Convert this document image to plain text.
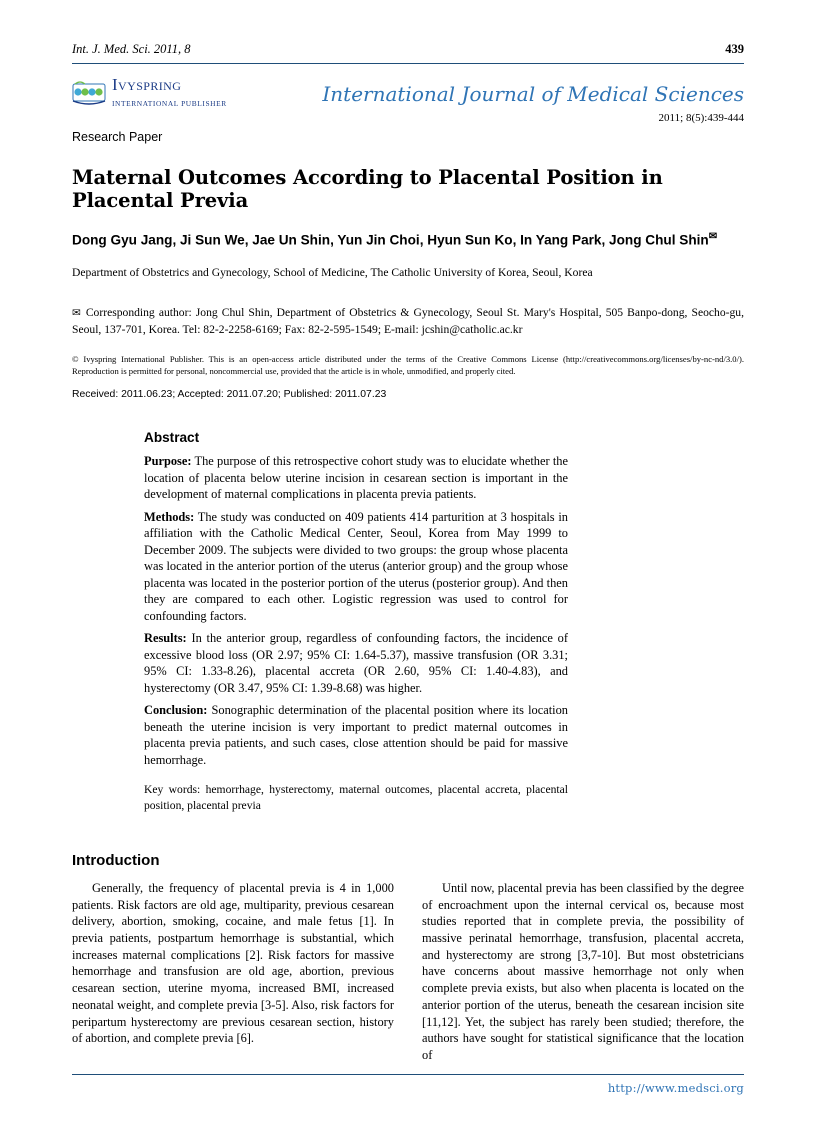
Int. J. Med. Sci. 2011, 8	439
Ivyspring
INTERNATIONAL PUBLISHER	International Journal of Medical Sciences
2011; 8(5):439-444
Research Paper
Maternal Outcomes According to Placental Position in Placental Previa
Dong Gyu Jang, Ji Sun We, Jae Un Shin, Yun Jin Choi, Hyun Sun Ko, In Yang Park, Jong Chul Shin✉
Department of Obstetrics and Gynecology, School of Medicine, The Catholic University of Korea, Seoul, Korea
✉ Corresponding author: Jong Chul Shin, Department of Obstetrics & Gynecology, Seoul St. Mary's Hospital, 505 Banpo-dong, Seocho-gu, Seoul, 137-701, Korea. Tel: 82-2-2258-6169; Fax: 82-2-595-1549; E-mail: jcshin@catholic.ac.kr
© Ivyspring International Publisher. This is an open-access article distributed under the terms of the Creative Commons License (http://creativecommons.org/licenses/by-nc-nd/3.0/). Reproduction is permitted for personal, noncommercial use, provided that the article is in whole, unmodified, and properly cited.
Received: 2011.06.23; Accepted: 2011.07.20; Published: 2011.07.23
Abstract

Purpose: The purpose of this retrospective cohort study was to elucidate whether the location of placenta below uterine incision in cesarean section is important in the development of maternal complications in placenta previa patients.

Methods: The study was conducted on 409 patients 414 parturition at 3 hospitals in affiliation with the Catholic Medical Center, Seoul, Korea from May 1999 to December 2009. The subjects were divided to two groups: the group whose placenta was located in the anterior portion of the uterus (anterior group) and the group whose placenta was located in the posterior portion of the uterus (posterior group). And then they are compared to each other. Logistic regression was used to control for confounding factors.

Results: In the anterior group, regardless of confounding factors, the incidence of excessive blood loss (OR 2.97; 95% CI: 1.64-5.37), massive transfusion (OR 3.31; 95% CI: 1.33-8.26), placental accreta (OR 2.60, 95% CI: 1.40-4.83), and hysterectomy (OR 3.47, 95% CI: 1.39-8.68) was higher.

Conclusion: Sonographic determination of the placental position where its location beneath the uterine incision is very important to predict maternal outcomes in placenta previa patients, and such cases, close attention should be paid for massive hemorrhage.

Key words: hemorrhage, hysterectomy, maternal outcomes, placental accreta, placental position, placental previa
Introduction

Generally, the frequency of placental previa is 4 in 1,000 patients. Risk factors are old age, multiparity, previous cesarean delivery, abortion, smoking, cocaine, and male fetus [1]. In previa patients, postpartum hemorrhage is substantial, which increases maternal complications [2]. Risk factors for massive hemorrhage and transfusion are old age, abortion, previous cesarean section, uterine myoma, increased BMI, increased neonatal weight, and complete previa [3-5]. Also, risk factors for peripartum hysterectomy are previous cesarean section, history of abortion, and complete previa [6].

Until now, placental previa has been classified by the degree of encroachment upon the internal cervical os, because most studies reported that in complete previa, the possibility of massive perinatal hemorrhage, transfusion, placental accreta, and hysterectomy are strong [3,7-10]. But most obstetricians have concerns about massive hemorrhage not only when complete previa exists, but also when placenta is located on the anterior portion of the uterus, beneath the cesarean incision site [11,12]. Yet, the subject has rarely been studied; therefore, the authors have sought for statistical significance that the location of

http://www.medsci.org
